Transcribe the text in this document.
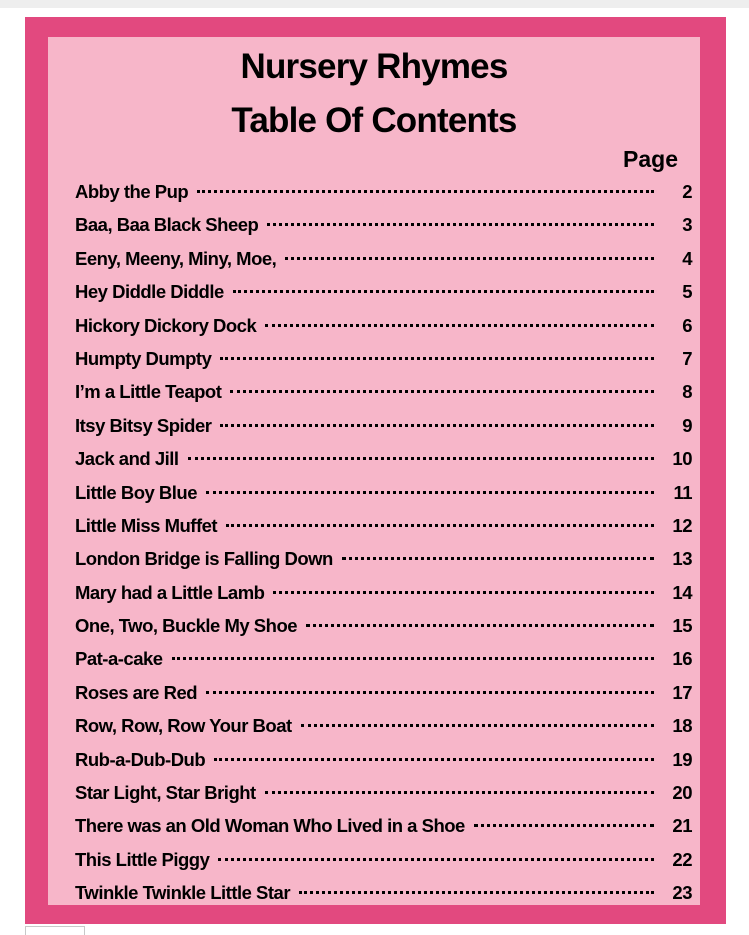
Nursery Rhymes
Table Of Contents
Page
Abby the Pup	2
Baa, Baa Black Sheep	3
Eeny, Meeny, Miny, Moe,	4
Hey Diddle Diddle	5
Hickory Dickory Dock	6
Humpty Dumpty	7
I’m a Little Teapot	8
Itsy Bitsy Spider	9
Jack and Jill	10
Little Boy Blue	11
Little Miss Muffet	12
London Bridge is Falling Down	13
Mary had a Little Lamb	14
One, Two, Buckle My Shoe	15
Pat-a-cake	16
Roses are Red	17
Row, Row, Row Your Boat	18
Rub-a-Dub-Dub	19
Star Light, Star Bright	20
There was an Old Woman Who Lived in a Shoe	21
This Little Piggy	22
Twinkle Twinkle Little Star	23
